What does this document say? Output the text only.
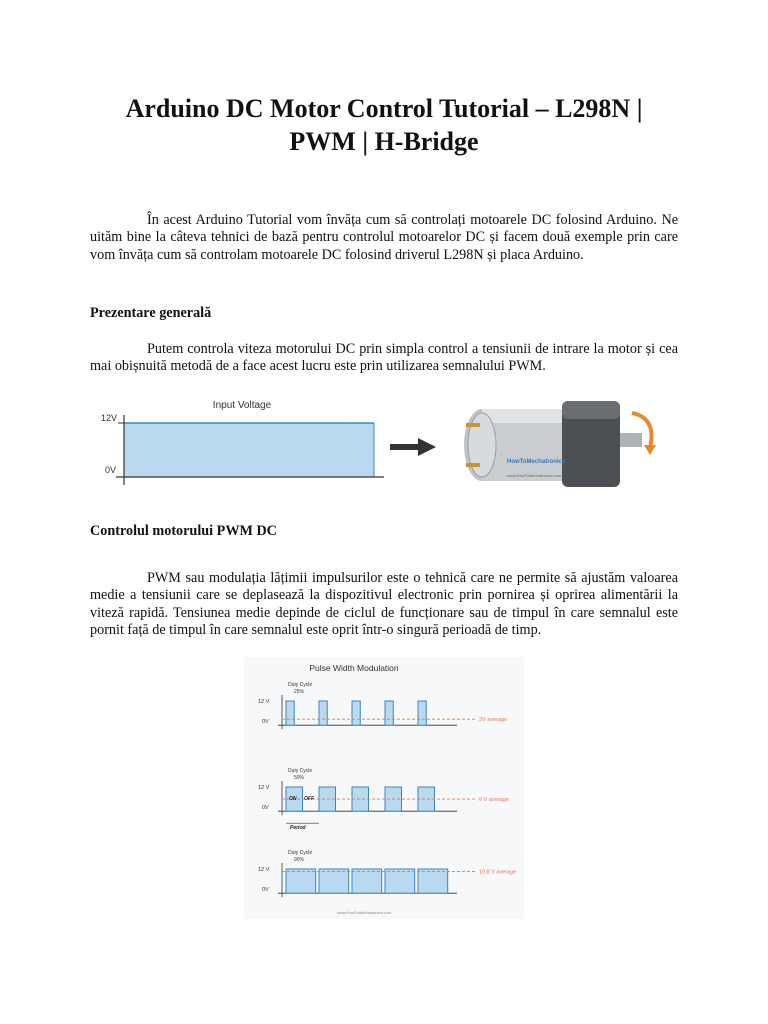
Arduino DC Motor Control Tutorial – L298N |
PWM | H-Bridge

În acest Arduino Tutorial vom învăța cum să controlați motoarele DC folosind Arduino. Ne uităm bine la câteva tehnici de bază pentru controlul motoarelor DC și facem două exemple prin care vom învăța cum să controlam motoarele DC folosind driverul L298N și placa Arduino.

Prezentare generală

Putem controla viteza motorului DC prin simpla control a tensiunii de intrare la motor și cea mai obișnuită metodă de a face acest lucru este prin utilizarea semnalului PWM.

Input Voltage
12V
0V
HowToMechatronics
www.HowToMechatronics.com
Controlul motorului PWM DC

PWM sau modulația lățimii impulsurilor este o tehnică care ne permite să ajustăm valoarea medie a tensiunii care se deplasează la dispozitivul electronic prin pornirea și oprirea alimentării la viteză rapidă. Tensiunea medie depinde de ciclul de funcționare sau de timpul în care semnalul este pornit față de timpul în care semnalul este oprit într-o singură perioadă de timp.

Pulse Width Modulation
Duty Cycle
25%
12 V
0V	3V average
Duty Cycle
50%
12 V
0V
6 V average
ON OFF
Period
Duty Cycle
90%
12 V
0V
10.8 V average
www.HowToMechatronics.com
